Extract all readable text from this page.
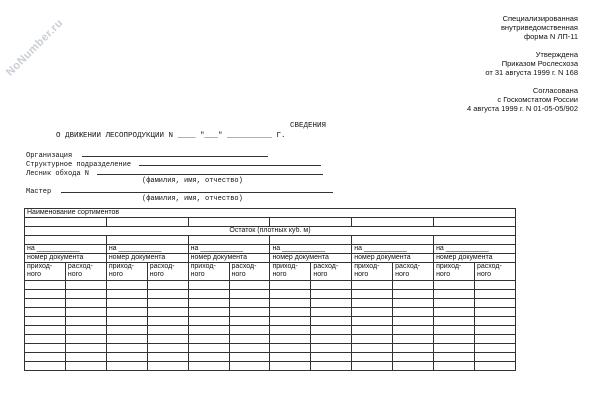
NoNumber.ru	Специализированная
внутриведомственная
форма N ЛП-11
Утверждена
Приказом Рослесхоза
от 31 августа 1999 г. N 168
Согласована
с Госкомстатом России
4 августа 1999 г. N 01-05-05/902
СВЕДЕНИЯ
О ДВИЖЕНИИ ЛЕСОПРОДУКЦИИ N ____ "___" __________ Г.
Организация
Структурное подразделение
Лесник обхода N
(фамилия, имя, отчество)
Мастер
(фамилия, имя, отчество)
Наименование сортиментов											

Остаток (плотных куб. м)											

на ___________		на ___________		на ___________		на ___________		на ___________		на ___________	
номер документа		номер документа		номер документа		номер документа		номер документа		номер документа	
приход-ного	расход-ного	приход-ного	расход-ного	приход-ного	расход-ного	приход-ного	расход-ного	приход-ного	расход-ного	приход-ного	расход-ного
